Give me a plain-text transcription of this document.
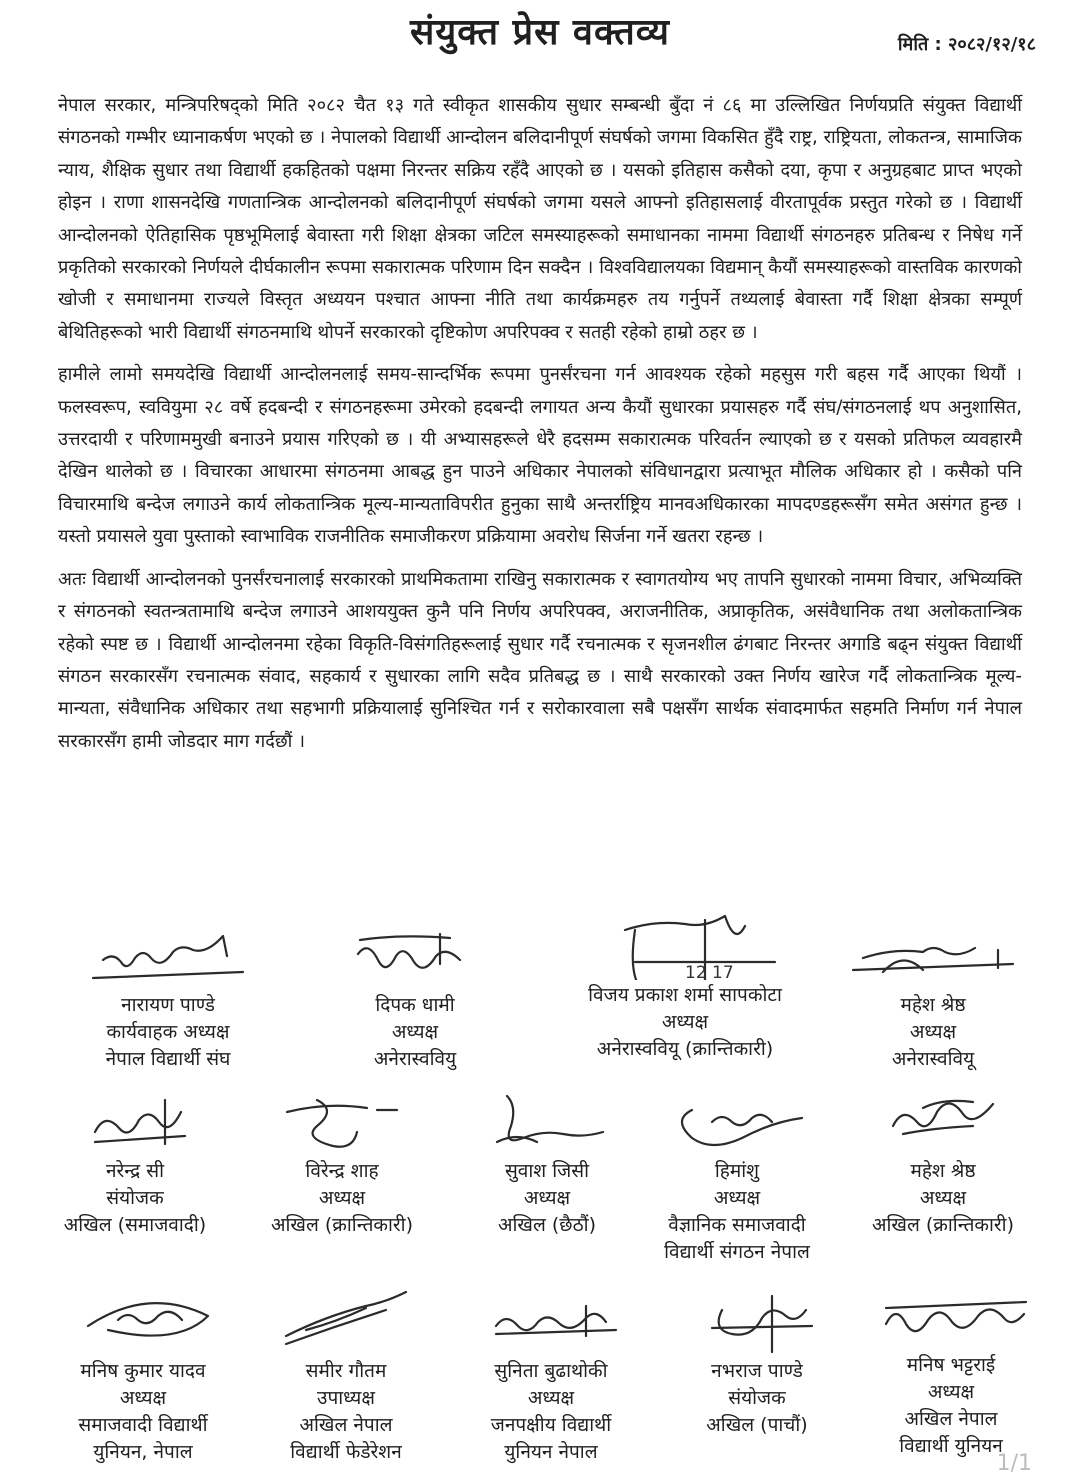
संयुक्त प्रेस वक्तव्य	मिति : २०८२/१२/१८

नेपाल सरकार, मन्त्रिपरिषद्को मिति २०८२ चैत १३ गते स्वीकृत शासकीय सुधार सम्बन्धी बुँदा नं ८६ मा उल्लिखित निर्णयप्रति संयुक्त विद्यार्थी संगठनको गम्भीर ध्यानाकर्षण भएको छ । नेपालको विद्यार्थी आन्दोलन बलिदानीपूर्ण संघर्षको जगमा विकसित हुँदै राष्ट्र, राष्ट्रियता, लोकतन्त्र, सामाजिक न्याय, शैक्षिक सुधार तथा विद्यार्थी हकहितको पक्षमा निरन्तर सक्रिय रहँदै आएको छ । यसको इतिहास कसैको दया, कृपा र अनुग्रहबाट प्राप्त भएको होइन । राणा शासनदेखि गणतान्त्रिक आन्दोलनको बलिदानीपूर्ण संघर्षको जगमा यसले आफ्नो इतिहासलाई वीरतापूर्वक प्रस्तुत गरेको छ । विद्यार्थी आन्दोलनको ऐतिहासिक पृष्ठभूमिलाई बेवास्ता गरी शिक्षा क्षेत्रका जटिल समस्याहरूको समाधानका नाममा विद्यार्थी संगठनहरु प्रतिबन्ध र निषेध गर्ने प्रकृतिको सरकारको निर्णयले दीर्घकालीन रूपमा सकारात्मक परिणाम दिन सक्दैन । विश्वविद्यालयका विद्यमान् कैयौं समस्याहरूको वास्तविक कारणको खोजी र समाधानमा राज्यले विस्तृत अध्ययन पश्चात आफ्ना नीति तथा कार्यक्रमहरु तय गर्नुपर्ने तथ्यलाई बेवास्ता गर्दै शिक्षा क्षेत्रका सम्पूर्ण बेथितिहरूको भारी विद्यार्थी संगठनमाथि थोपर्ने सरकारको दृष्टिकोण अपरिपक्व र सतही रहेको हाम्रो ठहर छ ।

हामीले लामो समयदेखि विद्यार्थी आन्दोलनलाई समय-सान्दर्भिक रूपमा पुनर्संरचना गर्न आवश्यक रहेको महसुस गरी बहस गर्दै आएका थियौं । फलस्वरूप, स्ववियुमा २८ वर्षे हदबन्दी र संगठनहरूमा उमेरको हदबन्दी लगायत अन्य कैयौं सुधारका प्रयासहरु गर्दै संघ/संगठनलाई थप अनुशासित, उत्तरदायी र परिणाममुखी बनाउने प्रयास गरिएको छ । यी अभ्यासहरूले धेरै हदसम्म सकारात्मक परिवर्तन ल्याएको छ र यसको प्रतिफल व्यवहारमै देखिन थालेको छ । विचारका आधारमा संगठनमा आबद्ध हुन पाउने अधिकार नेपालको संविधानद्वारा प्रत्याभूत मौलिक अधिकार हो । कसैको पनि विचारमाथि बन्देज लगाउने कार्य लोकतान्त्रिक मूल्य-मान्यताविपरीत हुनुका साथै अन्तर्राष्ट्रिय मानवअधिकारका मापदण्डहरूसँग समेत असंगत हुन्छ । यस्तो प्रयासले युवा पुस्ताको स्वाभाविक राजनीतिक समाजीकरण प्रक्रियामा अवरोध सिर्जना गर्ने खतरा रहन्छ ।

अतः विद्यार्थी आन्दोलनको पुनर्संरचनालाई सरकारको प्राथमिकतामा राखिनु सकारात्मक र स्वागतयोग्य भए तापनि सुधारको नाममा विचार, अभिव्यक्ति र संगठनको स्वतन्त्रतामाथि बन्देज लगाउने आशययुक्त कुनै पनि निर्णय अपरिपक्व, अराजनीतिक, अप्राकृतिक, असंवैधानिक तथा अलोकतान्त्रिक रहेको स्पष्ट छ । विद्यार्थी आन्दोलनमा रहेका विकृति-विसंगतिहरूलाई सुधार गर्दै रचनात्मक र सृजनशील ढंगबाट निरन्तर अगाडि बढ्न संयुक्त विद्यार्थी संगठन सरकारसँग रचनात्मक संवाद, सहकार्य र सुधारका लागि सदैव प्रतिबद्ध छ । साथै सरकारको उक्त निर्णय खारेज गर्दै लोकतान्त्रिक मूल्य-मान्यता, संवैधानिक अधिकार तथा सहभागी प्रक्रियालाई सुनिश्चित गर्न र सरोकारवाला सबै पक्षसँग सार्थक संवादमार्फत सहमति निर्माण गर्न नेपाल सरकारसँग हामी जोडदार माग गर्दछौं ।

नारायण पाण्डे
कार्यवाहक अध्यक्ष
नेपाल विद्यार्थी संघ
दिपक धामी
अध्यक्ष
अनेरास्ववियु
12 17
विजय प्रकाश शर्मा सापकोटा
अध्यक्ष
अनेरास्ववियू (क्रान्तिकारी)
महेश श्रेष्ठ
अध्यक्ष
अनेरास्ववियू
नरेन्द्र सी
संयोजक
अखिल (समाजवादी)
विरेन्द्र शाह
अध्यक्ष
अखिल (क्रान्तिकारी)
सुवाश जिसी
अध्यक्ष
अखिल (छैठौं)
हिमांशु
अध्यक्ष
वैज्ञानिक समाजवादी
विद्यार्थी संगठन नेपाल
महेश श्रेष्ठ
अध्यक्ष
अखिल (क्रान्तिकारी)
मनिष कुमार यादव
अध्यक्ष
समाजवादी विद्यार्थी
युनियन, नेपाल
समीर गौतम
उपाध्यक्ष
अखिल नेपाल
विद्यार्थी फेडेरेशन
सुनिता बुढाथोकी
अध्यक्ष
जनपक्षीय विद्यार्थी
युनियन नेपाल
नभराज पाण्डे
संयोजक
अखिल (पाचौं)
मनिष भट्टराई
अध्यक्ष
अखिल नेपाल
विद्यार्थी युनियन
1/1
